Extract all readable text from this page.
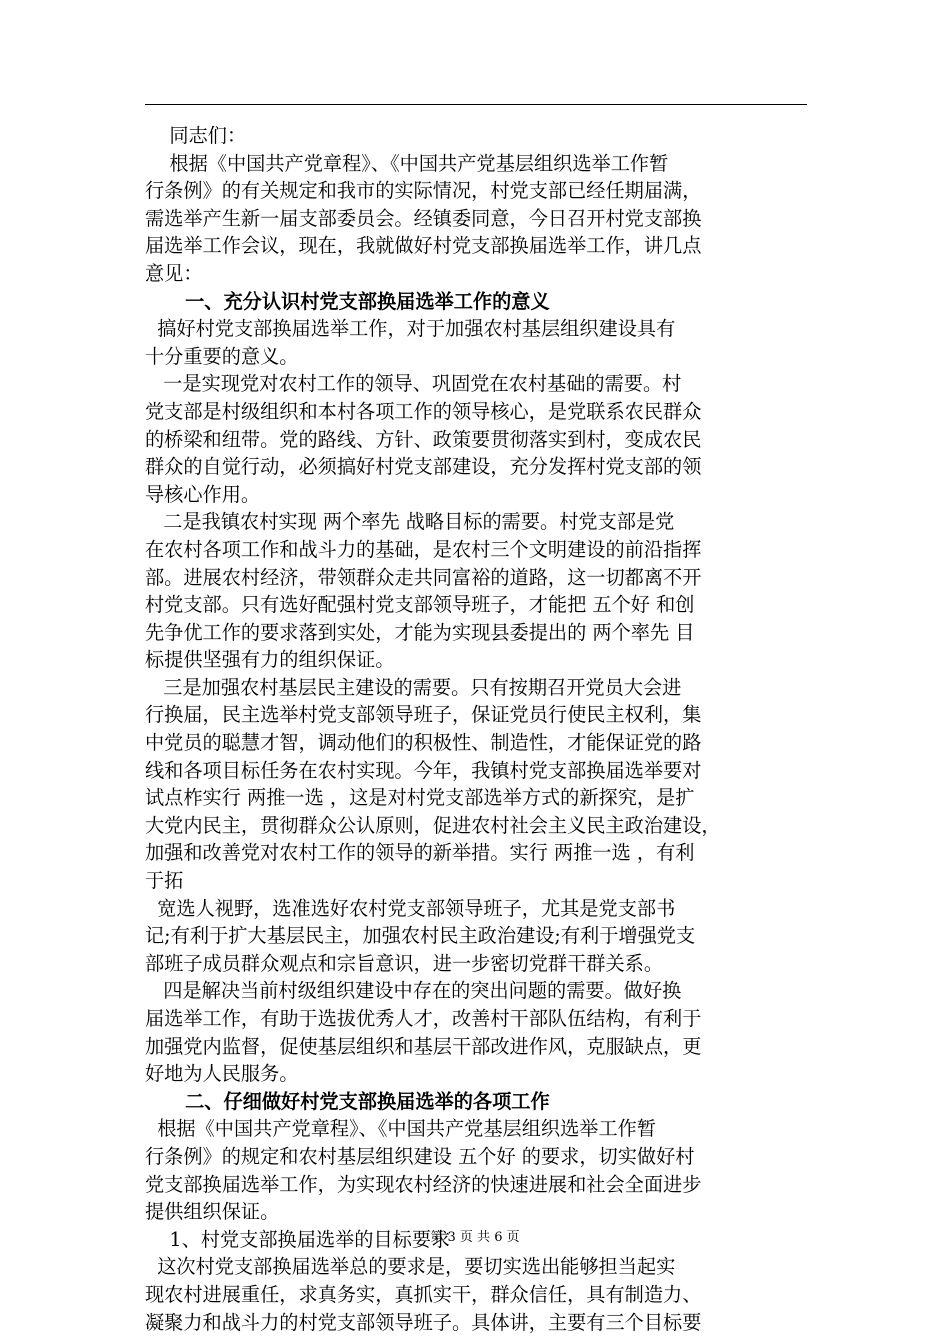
同志们：
根据《中国共产党章程》、《中国共产党基层组织选举工作暂
行条例》的有关规定和我市的实际情况，村党支部已经任期届满，
需选举产生新一届支部委员会。经镇委同意，今日召开村党支部换
届选举工作会议，现在，我就做好村党支部换届选举工作，讲几点
意见：
一、充分认识村党支部换届选举工作的意义
搞好村党支部换届选举工作，对于加强农村基层组织建设具有
十分重要的意义。
一是实现党对农村工作的领导、巩固党在农村基础的需要。村
党支部是村级组织和本村各项工作的领导核心，是党联系农民群众
的桥梁和纽带。党的路线、方针、政策要贯彻落实到村，变成农民
群众的自觉行动，必须搞好村党支部建设，充分发挥村党支部的领
导核心作用。
二是我镇农村实现 两个率先 战略目标的需要。村党支部是党
在农村各项工作和战斗力的基础，是农村三个文明建设的前沿指挥
部。进展农村经济，带领群众走共同富裕的道路，这一切都离不开
村党支部。只有选好配强村党支部领导班子，才能把 五个好 和创
先争优工作的要求落到实处，才能为实现县委提出的 两个率先 目
标提供坚强有力的组织保证。
三是加强农村基层民主建设的需要。只有按期召开党员大会进
行换届，民主选举村党支部领导班子，保证党员行使民主权利，集
中党员的聪慧才智，调动他们的积极性、制造性，才能保证党的路
线和各项目标任务在农村实现。今年，我镇村党支部换届选举要对
试点柞实行 两推一选 ，这是对村党支部选举方式的新探究，是扩
大党内民主，贯彻群众公认原则，促进农村社会主义民主政治建设，
加强和改善党对农村工作的领导的新举措。实行 两推一选 ，有利
于拓
宽选人视野，选准选好农村党支部领导班子，尤其是党支部书
记;有利于扩大基层民主，加强农村民主政治建设;有利于增强党支
部班子成员群众观点和宗旨意识，进一步密切党群干群关系。
四是解决当前村级组织建设中存在的突出问题的需要。做好换
届选举工作，有助于选拔优秀人才，改善村干部队伍结构，有利于
加强党内监督，促使基层组织和基层干部改进作风，克服缺点，更
好地为人民服务。
二、仔细做好村党支部换届选举的各项工作
根据《中国共产党章程》、《中国共产党基层组织选举工作暂
行条例》的规定和农村基层组织建设 五个好 的要求，切实做好村
党支部换届选举工作，为实现农村经济的快速进展和社会全面进步
提供组织保证。
1、村党支部换届选举的目标要求
这次村党支部换届选举总的要求是，要切实选出能够担当起实
现农村进展重任，求真务实，真抓实干，群众信任，具有制造力、
凝聚力和战斗力的村党支部领导班子。具体讲，主要有三个目标要
第 3 页 共 6 页
